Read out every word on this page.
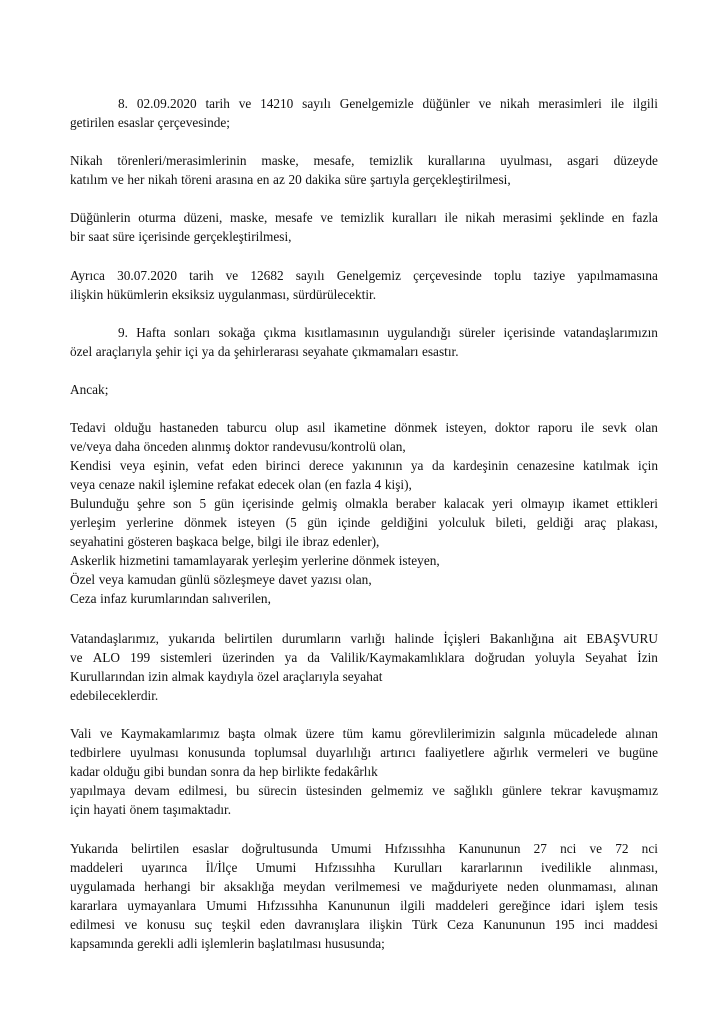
8. 02.09.2020 tarih ve 14210 sayılı Genelgemizle düğünler ve nikah merasimleri ile ilgili
getirilen esaslar çerçevesinde;
Nikah törenleri/merasimlerinin maske, mesafe, temizlik kurallarına uyulması, asgari düzeyde
katılım ve her nikah töreni arasına en az 20 dakika süre şartıyla gerçekleştirilmesi,
Düğünlerin oturma düzeni, maske, mesafe ve temizlik kuralları ile nikah merasimi şeklinde en fazla
bir saat süre içerisinde gerçekleştirilmesi,
Ayrıca 30.07.2020 tarih ve 12682 sayılı Genelgemiz çerçevesinde toplu taziye yapılmamasına
ilişkin hükümlerin eksiksiz uygulanması, sürdürülecektir.
9. Hafta sonları sokağa çıkma kısıtlamasının uygulandığı süreler içerisinde vatandaşlarımızın
özel araçlarıyla şehir içi ya da şehirlerarası seyahate çıkmamaları esastır.
Ancak;
Tedavi olduğu hastaneden taburcu olup asıl ikametine dönmek isteyen, doktor raporu ile sevk olan
ve/veya daha önceden alınmış doktor randevusu/kontrolü olan,
Kendisi veya eşinin, vefat eden birinci derece yakınının ya da kardeşinin cenazesine katılmak için
veya cenaze nakil işlemine refakat edecek olan (en fazla 4 kişi),
Bulunduğu şehre son 5 gün içerisinde gelmiş olmakla beraber kalacak yeri olmayıp ikamet ettikleri
yerleşim yerlerine dönmek isteyen (5 gün içinde geldiğini yolculuk bileti, geldiği araç plakası,
seyahatini gösteren başkaca belge, bilgi ile ibraz edenler),
Askerlik hizmetini tamamlayarak yerleşim yerlerine dönmek isteyen,
Özel veya kamudan günlü sözleşmeye davet yazısı olan,
Ceza infaz kurumlarından salıverilen,
Vatandaşlarımız, yukarıda belirtilen durumların varlığı halinde İçişleri Bakanlığına ait EBAŞVURU
ve ALO 199 sistemleri üzerinden ya da Valilik/Kaymakamlıklara doğrudan yoluyla Seyahat İzin
Kurullarından izin almak kaydıyla özel araçlarıyla seyahat
edebileceklerdir.
Vali ve Kaymakamlarımız başta olmak üzere tüm kamu görevlilerimizin salgınla mücadelede alınan
tedbirlere uyulması konusunda toplumsal duyarlılığı artırıcı faaliyetlere ağırlık vermeleri ve bugüne
kadar olduğu gibi bundan sonra da hep birlikte fedakârlık
yapılmaya devam edilmesi, bu sürecin üstesinden gelmemiz ve sağlıklı günlere tekrar kavuşmamız
için hayati önem taşımaktadır.
Yukarıda belirtilen esaslar doğrultusunda Umumi Hıfzıssıhha Kanununun 27 nci ve 72 nci
maddeleri uyarınca İl/İlçe Umumi Hıfzıssıhha Kurulları kararlarının ivedilikle alınması,
uygulamada herhangi bir aksaklığa meydan verilmemesi ve mağduriyete neden olunmaması, alınan
kararlara uymayanlara Umumi Hıfzıssıhha Kanununun ilgili maddeleri gereğince idari işlem tesis
edilmesi ve konusu suç teşkil eden davranışlara ilişkin Türk Ceza Kanununun 195 inci maddesi
kapsamında gerekli adli işlemlerin başlatılması hususunda;
